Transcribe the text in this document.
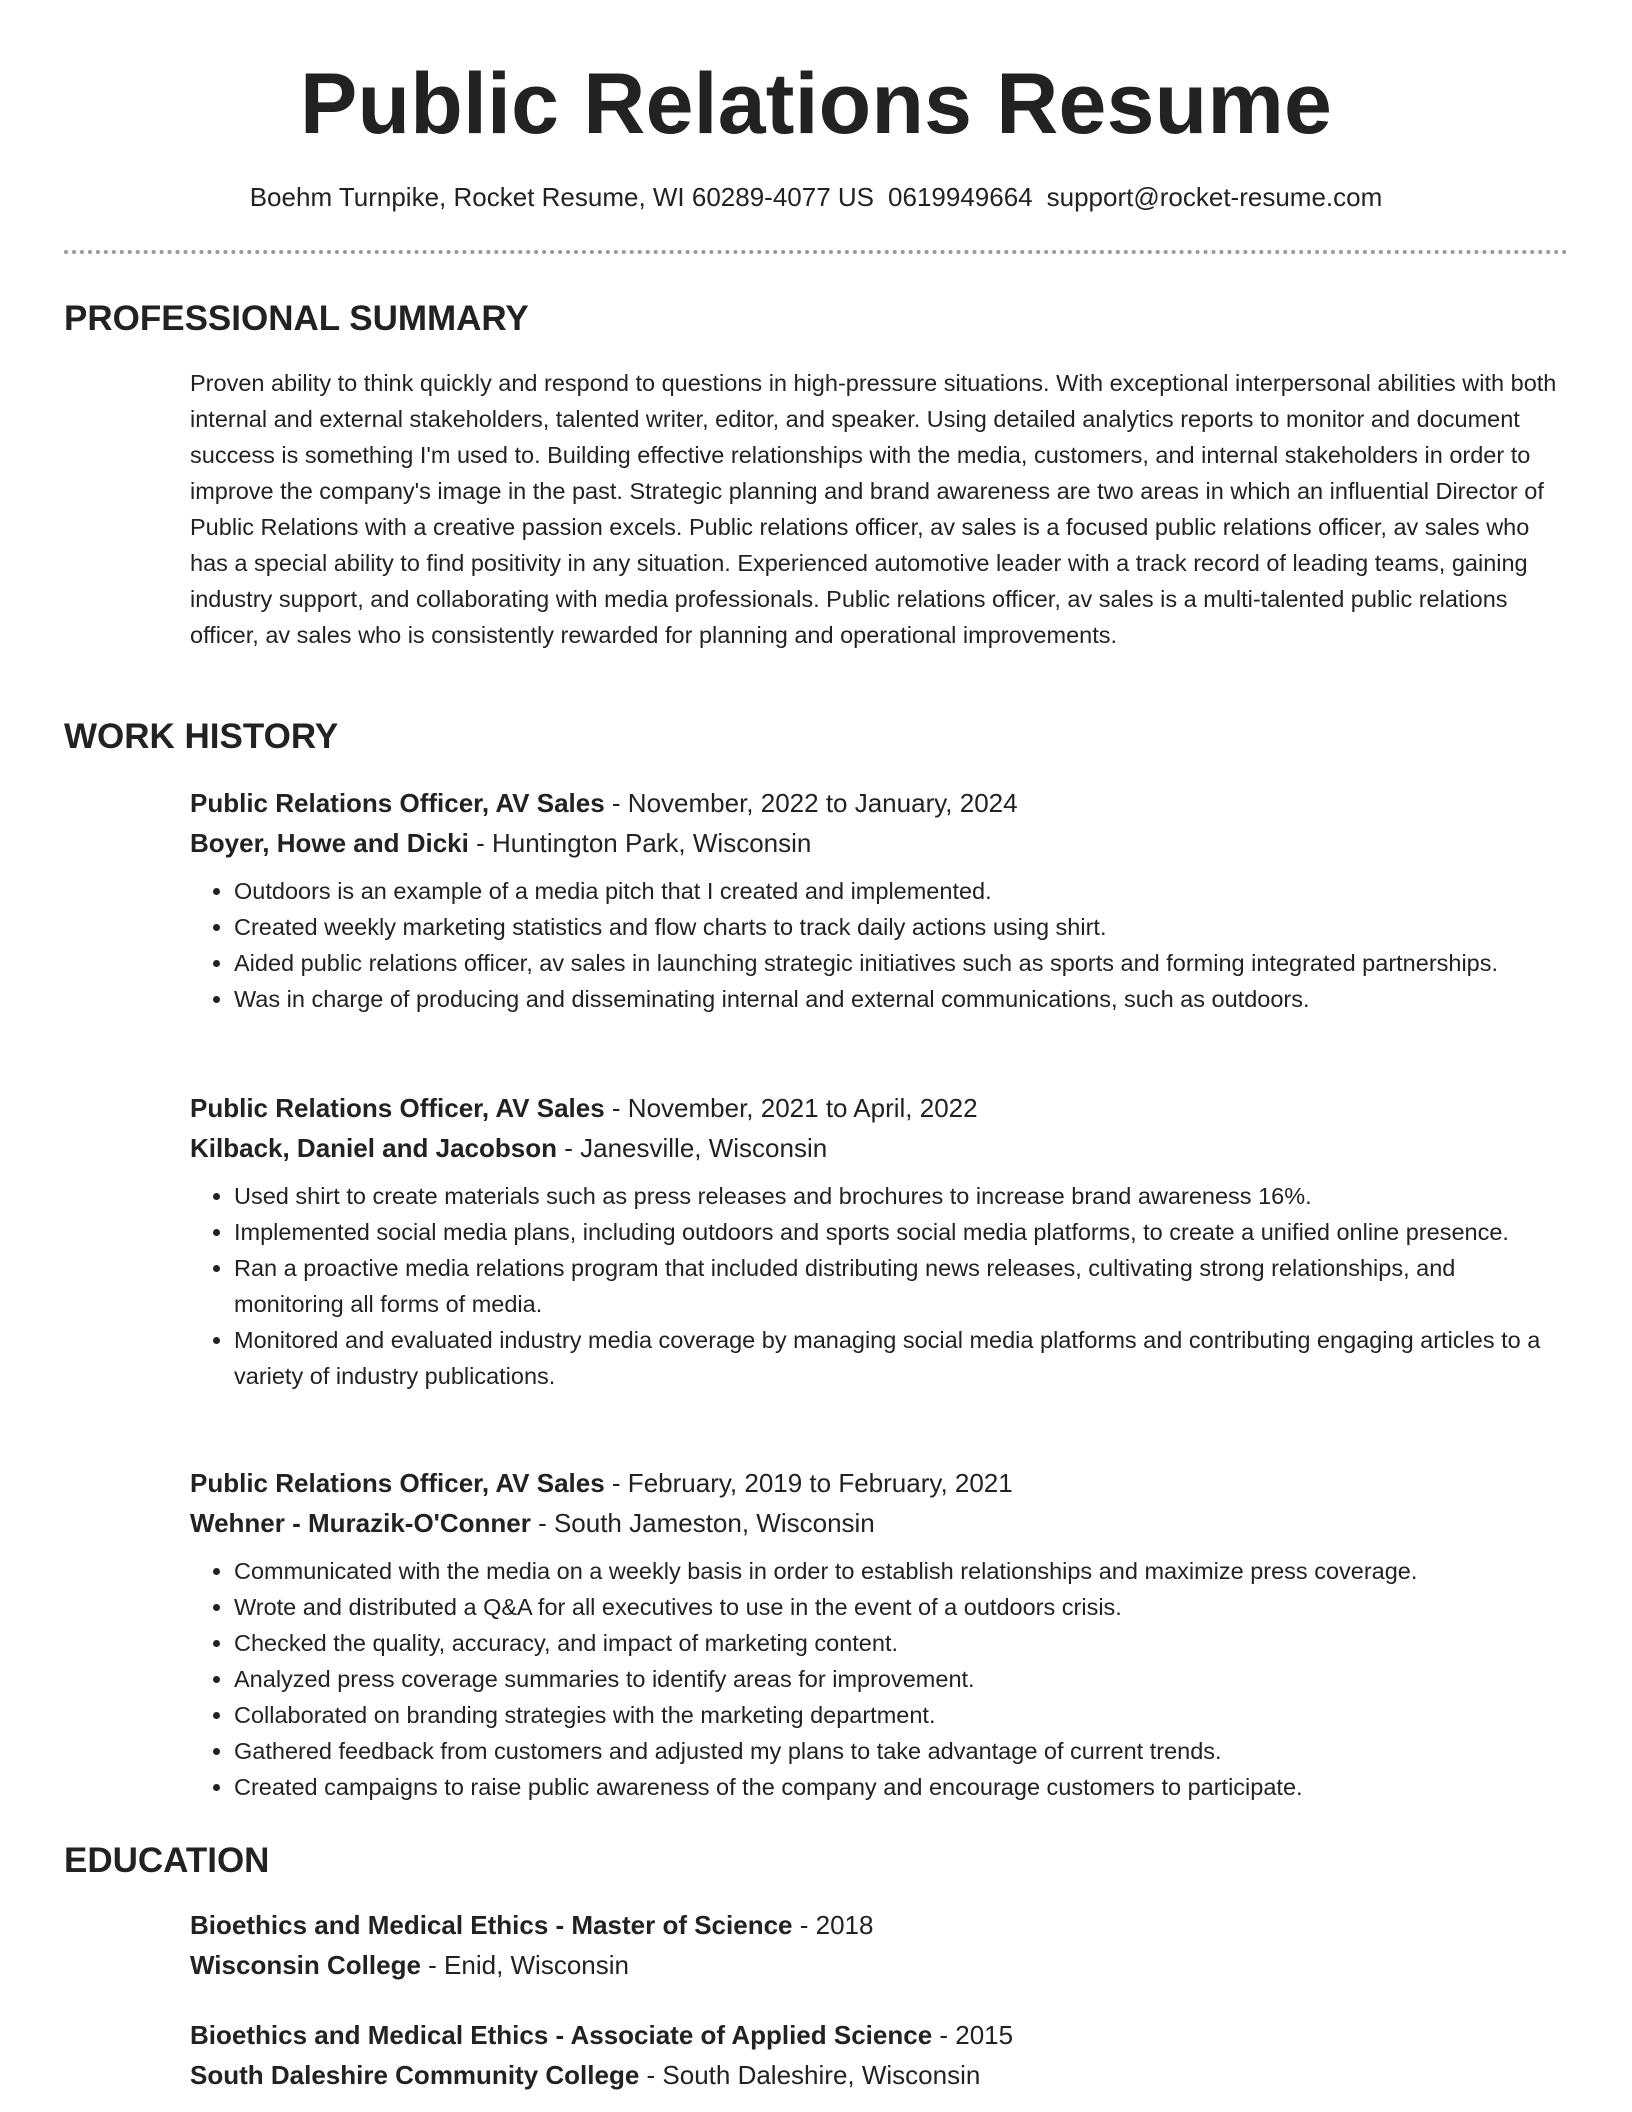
Public Relations Resume
Boehm Turnpike, Rocket Resume, WI 60289-4077 US 0619949664 support@rocket-resume.com
PROFESSIONAL SUMMARY

Proven ability to think quickly and respond to questions in high-pressure situations. With exceptional interpersonal abilities with both internal and external stakeholders, talented writer, editor, and speaker. Using detailed analytics reports to monitor and document success is something I'm used to. Building effective relationships with the media, customers, and internal stakeholders in order to improve the company's image in the past. Strategic planning and brand awareness are two areas in which an influential Director of Public Relations with a creative passion excels. Public relations officer, av sales is a focused public relations officer, av sales who has a special ability to find positivity in any situation. Experienced automotive leader with a track record of leading teams, gaining industry support, and collaborating with media professionals. Public relations officer, av sales is a multi-talented public relations officer, av sales who is consistently rewarded for planning and operational improvements.

WORK HISTORY
Public Relations Officer, AV Sales - November, 2022 to January, 2024
Boyer, Howe and Dicki - Huntington Park, Wisconsin
• Outdoors is an example of a media pitch that I created and implemented.
• Created weekly marketing statistics and flow charts to track daily actions using shirt.
• Aided public relations officer, av sales in launching strategic initiatives such as sports and forming integrated partnerships.
• Was in charge of producing and disseminating internal and external communications, such as outdoors.
Public Relations Officer, AV Sales - November, 2021 to April, 2022
Kilback, Daniel and Jacobson - Janesville, Wisconsin
• Used shirt to create materials such as press releases and brochures to increase brand awareness 16%.
• Implemented social media plans, including outdoors and sports social media platforms, to create a unified online presence.
• Ran a proactive media relations program that included distributing news releases, cultivating strong relationships, and monitoring all forms of media.
• Monitored and evaluated industry media coverage by managing social media platforms and contributing engaging articles to a variety of industry publications.
Public Relations Officer, AV Sales - February, 2019 to February, 2021
Wehner - Murazik-O'Conner - South Jameston, Wisconsin
• Communicated with the media on a weekly basis in order to establish relationships and maximize press coverage.
• Wrote and distributed a Q&A for all executives to use in the event of a outdoors crisis.
• Checked the quality, accuracy, and impact of marketing content.
• Analyzed press coverage summaries to identify areas for improvement.
• Collaborated on branding strategies with the marketing department.
• Gathered feedback from customers and adjusted my plans to take advantage of current trends.
• Created campaigns to raise public awareness of the company and encourage customers to participate.
EDUCATION
Bioethics and Medical Ethics - Master of Science - 2018
Wisconsin College - Enid, Wisconsin
Bioethics and Medical Ethics - Associate of Applied Science - 2015
South Daleshire Community College - South Daleshire, Wisconsin
